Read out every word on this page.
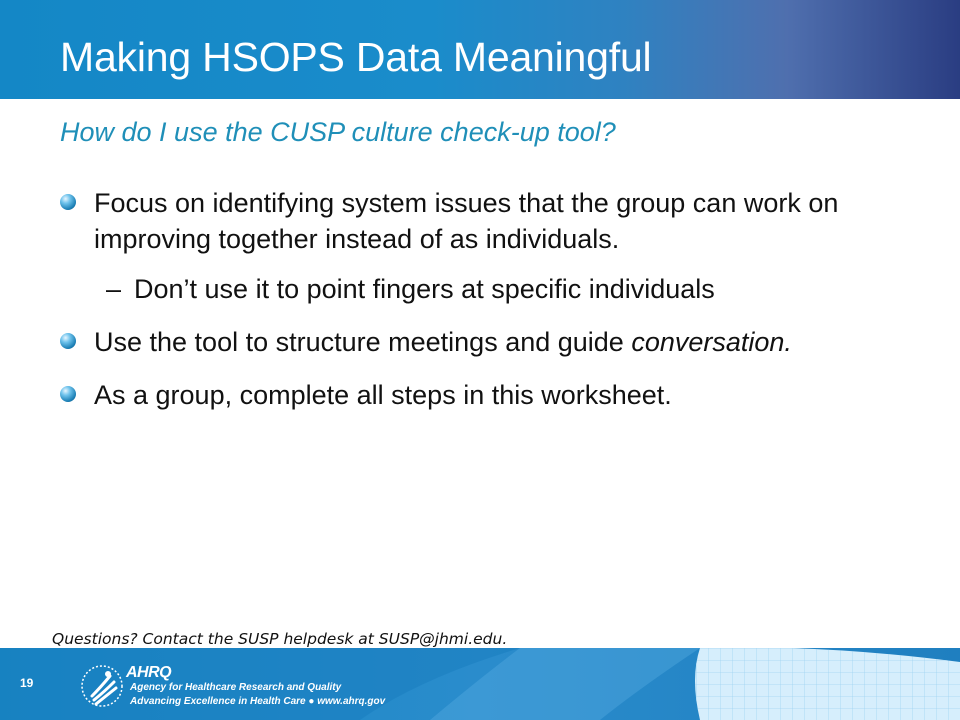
Making HSOPS Data Meaningful
How do I use the CUSP culture check-up tool?
Focus on identifying system issues that the group can work on improving together instead of as individuals.
– Don’t use it to point fingers at specific individuals
Use the tool to structure meetings and guide conversation.
As a group, complete all steps in this worksheet.

Questions? Contact the SUSP helpdesk at SUSP@jhmi.edu.

19
AHRQ
Agency for Healthcare Research and Quality
Advancing Excellence in Health Care ● www.ahrq.gov
